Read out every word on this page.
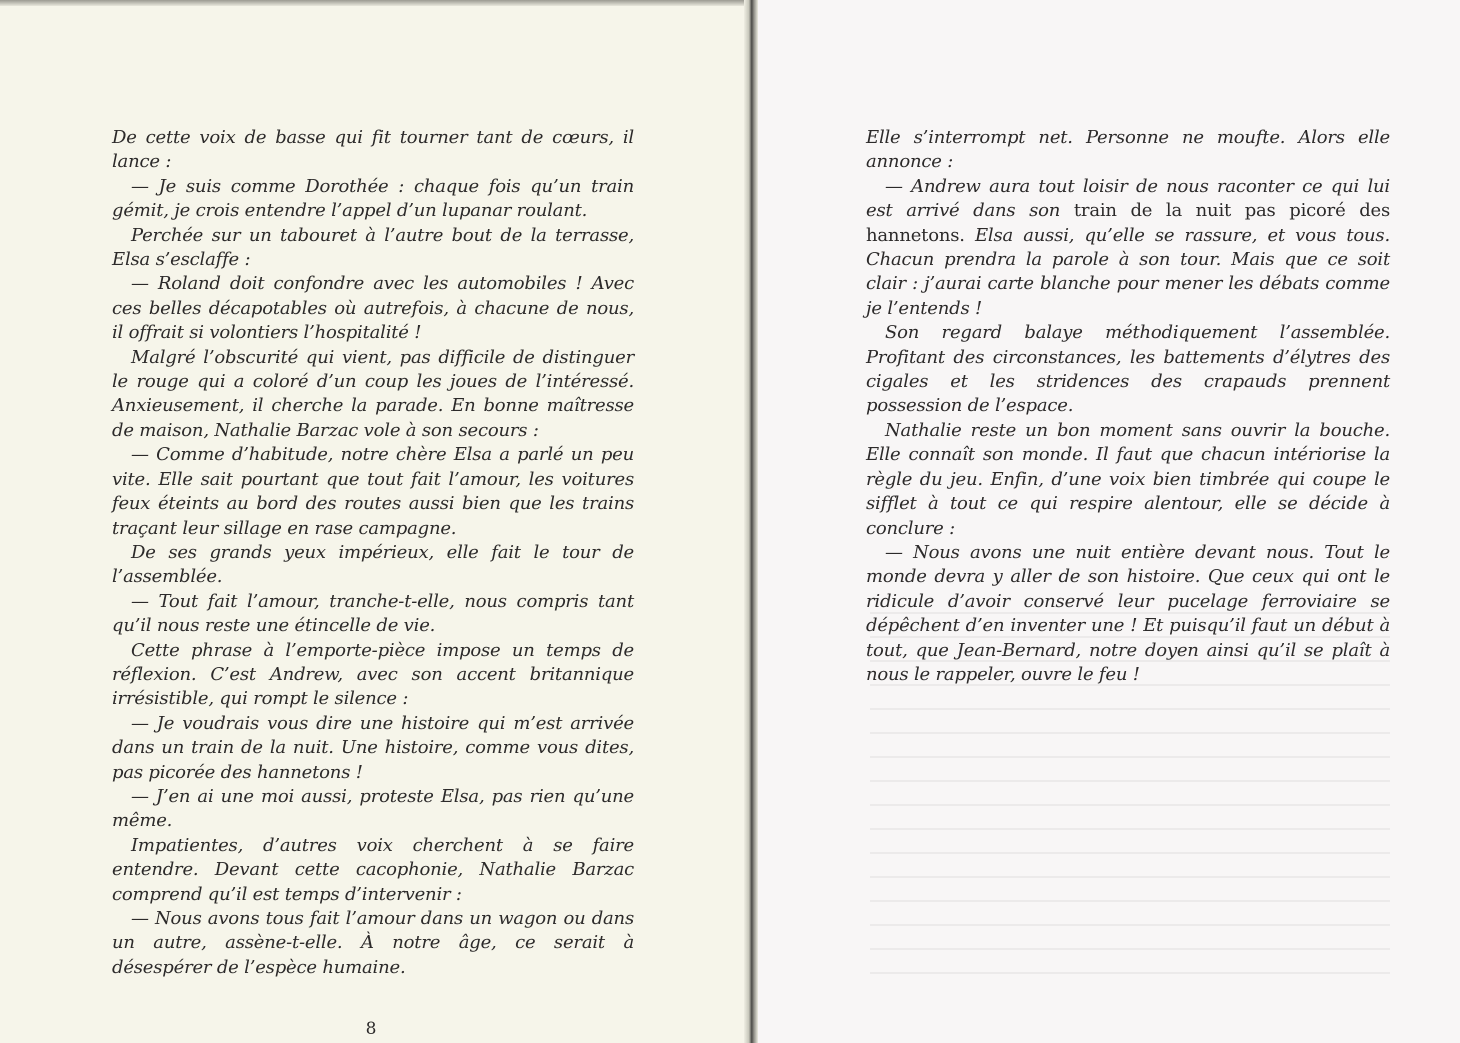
De cette voix de basse qui fit tourner tant de cœurs, il lance :

— Je suis comme Dorothée : chaque fois qu’un train gémit, je crois entendre l’appel d’un lupanar roulant.

Perchée sur un tabouret à l’autre bout de la terrasse, Elsa s’esclaffe :

— Roland doit confondre avec les automobiles ! Avec ces belles décapotables où autrefois, à chacune de nous, il offrait si volontiers l’hospitalité !

Malgré l’obscurité qui vient, pas difficile de distinguer le rouge qui a coloré d’un coup les joues de l’intéressé. Anxieusement, il cherche la parade. En bonne maîtresse de maison, Nathalie Barzac vole à son secours :

— Comme d’habitude, notre chère Elsa a parlé un peu vite. Elle sait pourtant que tout fait l’amour, les voitures feux éteints au bord des routes aussi bien que les trains traçant leur sillage en rase campagne.

De ses grands yeux impérieux, elle fait le tour de l’assemblée.

— Tout fait l’amour, tranche-t-elle, nous compris tant qu’il nous reste une étincelle de vie.

Cette phrase à l’emporte-pièce impose un temps de réflexion. C’est Andrew, avec son accent britannique irrésistible, qui rompt le silence :

— Je voudrais vous dire une histoire qui m’est arrivée dans un train de la nuit. Une histoire, comme vous dites, pas picorée des hannetons !

— J’en ai une moi aussi, proteste Elsa, pas rien qu’une même.

Impatientes, d’autres voix cherchent à se faire entendre. Devant cette cacophonie, Nathalie Barzac comprend qu’il est temps d’intervenir :

— Nous avons tous fait l’amour dans un wagon ou dans un autre, assène-t-elle. À notre âge, ce serait à désespérer de l’espèce humaine.

8

Elle s’interrompt net. Personne ne moufte. Alors elle annonce :

— Andrew aura tout loisir de nous raconter ce qui lui est arrivé dans son train de la nuit pas picoré des hannetons. Elsa aussi, qu’elle se rassure, et vous tous. Chacun prendra la parole à son tour. Mais que ce soit clair : j’aurai carte blanche pour mener les débats comme je l’entends !

Son regard balaye méthodiquement l’assemblée. Profitant des circonstances, les battements d’élytres des cigales et les stridences des crapauds prennent possession de l’espace.

Nathalie reste un bon moment sans ouvrir la bouche. Elle connaît son monde. Il faut que chacun intériorise la règle du jeu. Enfin, d’une voix bien timbrée qui coupe le sifflet à tout ce qui respire alentour, elle se décide à conclure :

— Nous avons une nuit entière devant nous. Tout le monde devra y aller de son histoire. Que ceux qui ont le ridicule d’avoir conservé leur pucelage ferroviaire se dépêchent d’en inventer une ! Et puisqu’il faut un début à tout, que Jean-Bernard, notre doyen ainsi qu’il se plaît à nous le rappeler, ouvre le feu !
